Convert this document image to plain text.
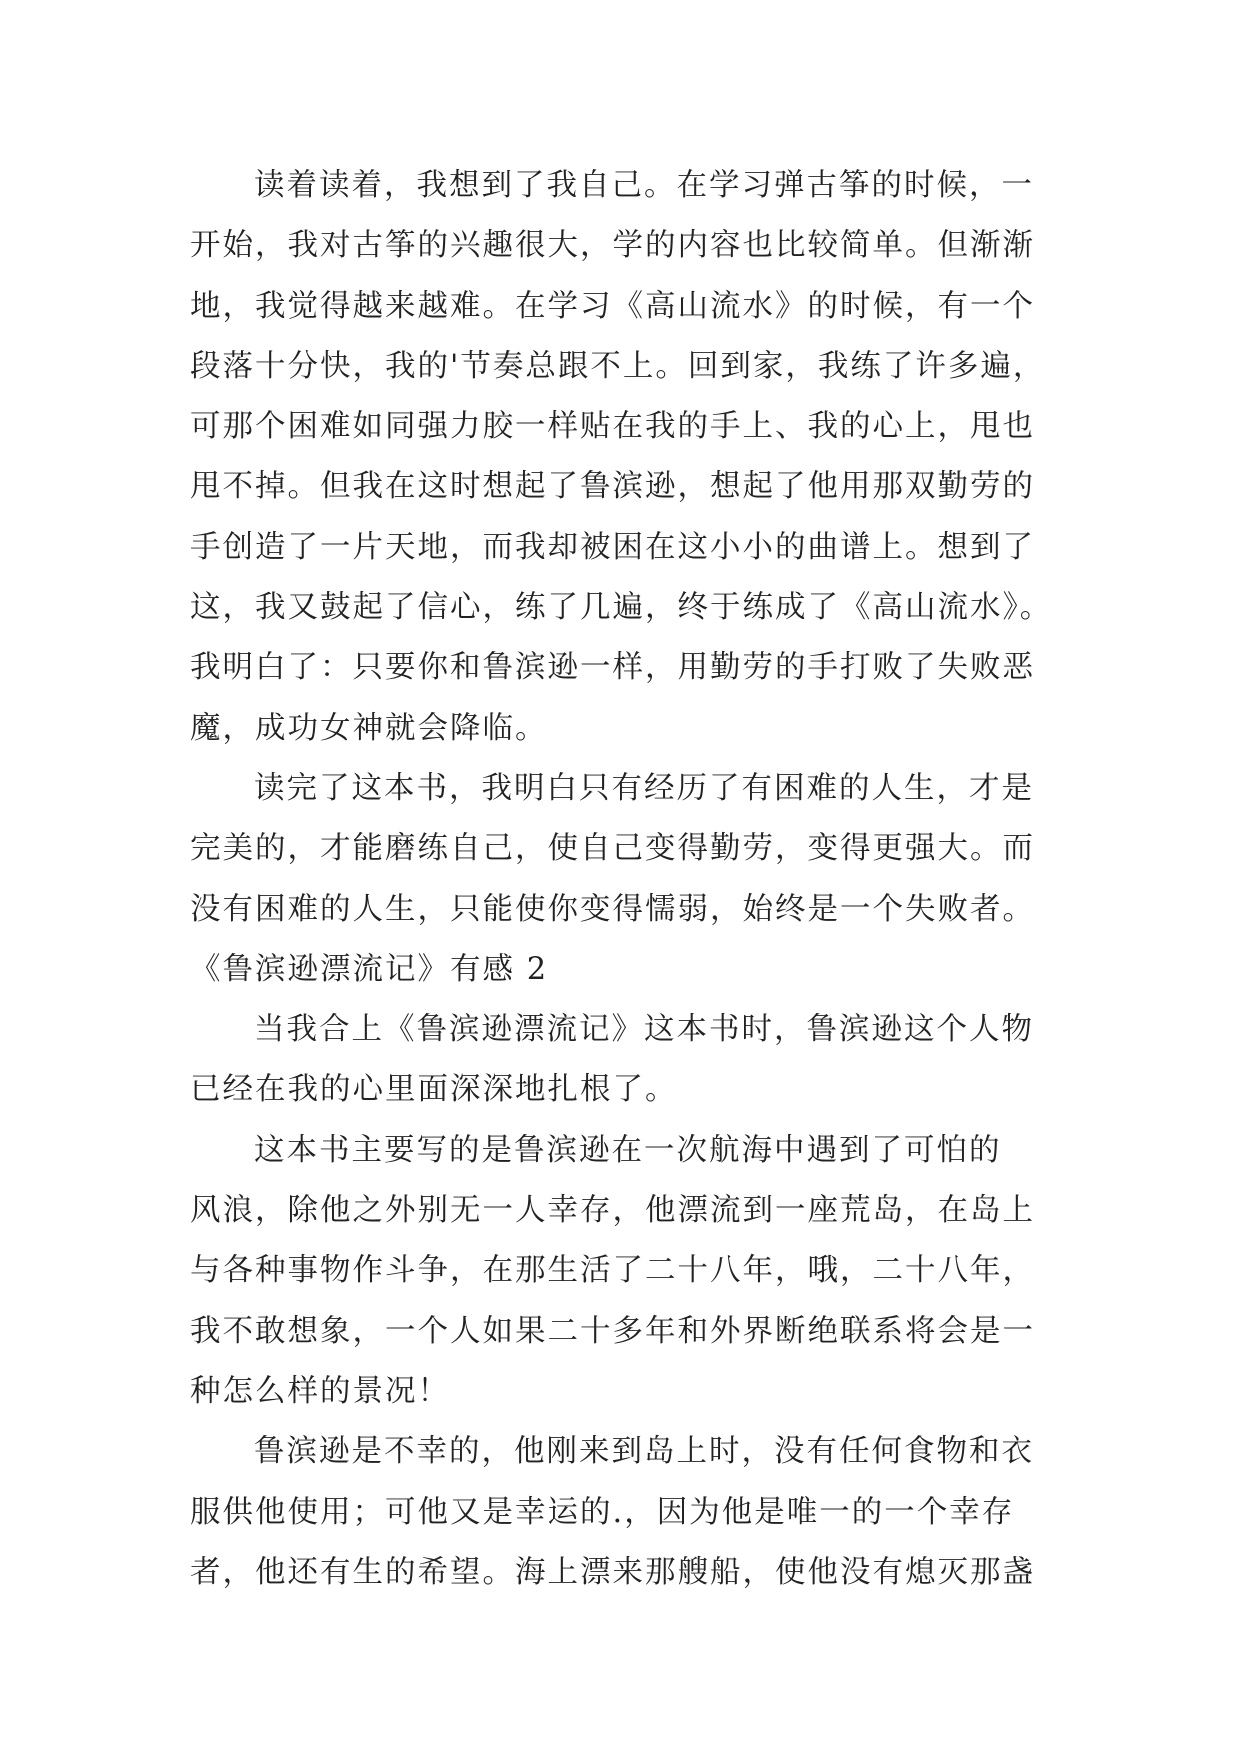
读着读着，我想到了我自己。在学习弹古筝的时候，一
开始，我对古筝的兴趣很大，学的内容也比较简单。但渐渐
地，我觉得越来越难。在学习《高山流水》的时候，有一个
段落十分快，我的'节奏总跟不上。回到家，我练了许多遍，
可那个困难如同强力胶一样贴在我的手上、我的心上，甩也
甩不掉。但我在这时想起了鲁滨逊，想起了他用那双勤劳的
手创造了一片天地，而我却被困在这小小的曲谱上。想到了
这，我又鼓起了信心，练了几遍，终于练成了《高山流水》。
我明白了：只要你和鲁滨逊一样，用勤劳的手打败了失败恶
魔，成功女神就会降临。
读完了这本书，我明白只有经历了有困难的人生，才是
完美的，才能磨练自己，使自己变得勤劳，变得更强大。而
没有困难的人生，只能使你变得懦弱，始终是一个失败者。
《鲁滨逊漂流记》有感 2
当我合上《鲁滨逊漂流记》这本书时，鲁滨逊这个人物
已经在我的心里面深深地扎根了。
这本书主要写的是鲁滨逊在一次航海中遇到了可怕的
风浪，除他之外别无一人幸存，他漂流到一座荒岛，在岛上
与各种事物作斗争，在那生活了二十八年，哦，二十八年，
我不敢想象，一个人如果二十多年和外界断绝联系将会是一
种怎么样的景况！
鲁滨逊是不幸的，他刚来到岛上时，没有任何食物和衣
服供他使用；可他又是幸运的.，因为他是唯一的一个幸存
者，他还有生的希望。海上漂来那艘船，使他没有熄灭那盏
